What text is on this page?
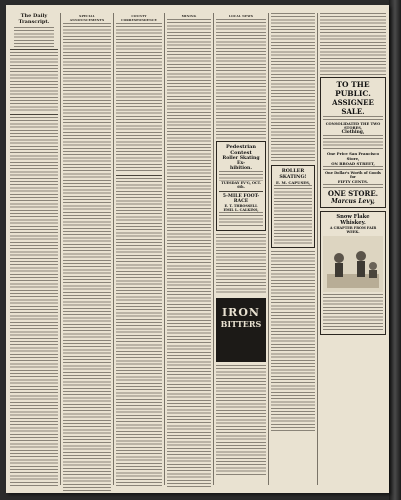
The Daily Transcript.
SPECIAL ANNOUNCEMENTS
COUNTY CORRESPONDENCE
MINING	LOCAL NEWS
Pedestrian Contest
Roller Skating Ex-
hibition.
TUESDAY EV'G, OCT. 6th.
5-MILE FOOT-RACE
E. T. THROSSELL
EMIL L. CALKINS,
IRON
BITTERS
ROLLER SKATING!
E. M. CAPUSES,
TO THE PUBLIC.
ASSIGNEE SALE.
CONSOLIDATED THE TWO STORES,
Clothing,
One Price San Francisco Store,
ON BROAD STREET,
One Dollar's Worth of Goods for
FIFTY CENTS.
ONE STORE.
Marcus Levy,
Snow Flake Whiskey.
A CHAPTER FROM FAIR WEEK.
